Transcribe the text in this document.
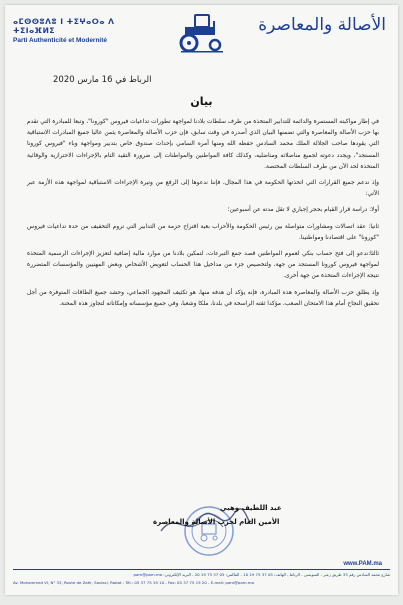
ⴰⵎⵙⵙⵓⴷⵓ ⵏ ⵜⵉⵖⴰⵔⴰ ⴷ ⵜⵉⵏⴰⴼⵍⵉ
Parti Authenticité et Modernité
الأصالة والمعاصرة
الرباط في 16 مارس 2020
بيان

في إطار مواكبته المستمرة والدائمة للتدابير المتخذة من طرف سلطات بلادنا لمواجهة تطورات تداعيات فيروس "كورونا"، وتبعا للمبادرة التي تقدم بها حزب الأصالة والمعاصرة والتي تضمنها البيان الذي أصدره في وقت سابق، فإن حزب الأصالة والمعاصرة يثمن عاليا جميع المبادرات الاستباقية التي يقودها صاحب الجلالة الملك محمد السادس حفظه الله ومنها أمره السامي بإحداث صندوق خاص بتدبير ومواجهة وباء "فيروس كورونا المستجد"، ويجدد دعوته لجميع مناضلاته ومناضليه، وكذلك كافة المواطنين والمواطنات إلى ضرورة التقيد التام بالإجراءات الاحترازية والوقائية المتخذة لحد الآن من طرف السلطات المختصة.

وإذ ندعم جميع القرارات التي اتخذتها الحكومة في هذا المجال، فإننا ندعوها إلى الرفع من وتيرة الإجراءات الاستباقية لمواجهة هذه الأزمة عبر الآتي:

أولا: دراسة قرار القيام بحجر إجباري لا تقل مدته عن أسبوعين؛

ثانيا: عقد اتصالات ومشاورات متواصلة بين رئيس الحكومة والأحزاب بغية اقتراح حزمة من التدابير التي تروم التخفيف من حدة تداعيات فيروس "كورونا" على اقتصادنا ومواطنينا.

ثالثا:ندعو إلى فتح حساب بنكي لعموم المواطنين قصد جمع التبرعات، لتمكين بلادنا من موارد مالية إضافية لتعزيز الإجراءات الرسمية المتخذة لمواجهة فيروس كورونا المستجد من جهة، ولتخصيص جزء من مداخيل هذا الحساب لتعويض الأشخاص وبعض المهنيين والمؤسسات المتضررة نتيجة الإجراءات المتخذة من جهة أخرى.

وإذ يطلق حزب الأصالة والمعاصرة هذه المبادرة، فإنه يؤكد أن هدفه منها، هو تكثيف المجهود الجماعي، وحشد جميع الطاقات المتوفرة من أجل تحقيق النجاح أمام هذا الامتحان الصعب، مؤكدا ثقته الراسخة في بلدنا، ملكا وشعبا، وفي جميع مؤسساته وإمكاناته لتجاوز هذه المحنة.

عبد اللطيف وهبي
الأمين العام لحزب الأصالة والمعاصرة
www.PAM.ma
شارع محمد السادس رقم 33 طريق زعير - السويسي - الرباط - الهاتف: 05 37 75 19 10 - الفاكس: 05 37 75 19 20 - البريد الإلكتروني: pam@pam.ma
Av. Mohammed VI, N° 33, Route de Zaër, Souissi, Rabat - Tél.: 05 37 75 19 10 - Fax: 05 37 75 19 20 - E-mail: pam@pam.ma
